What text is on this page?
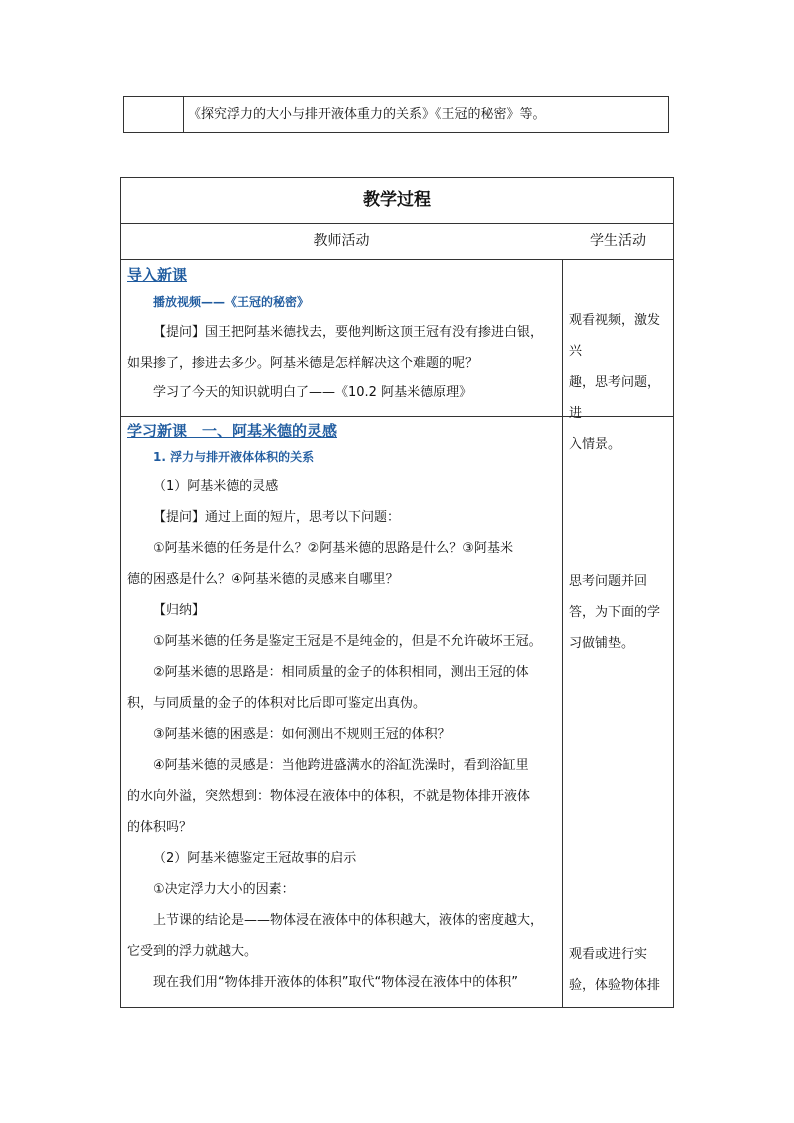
《探究浮力的大小与排开液体重力的关系》《王冠的秘密》等。
教学过程
教师活动	学生活动
导入新课
播放视频——《王冠的秘密》
【提问】国王把阿基米德找去，要他判断这顶王冠有没有掺进白银，
如果掺了，掺进去多少。阿基米德是怎样解决这个难题的呢？
学习了今天的知识就明白了——《10.2 阿基米德原理》
观看视频，激发兴
趣，思考问题，进
入情景。
学习新课　一、阿基米德的灵感
1. 浮力与排开液体体积的关系
（1）阿基米德的灵感
【提问】通过上面的短片，思考以下问题：
①阿基米德的任务是什么？②阿基米德的思路是什么？③阿基米
德的困惑是什么？④阿基米德的灵感来自哪里？
【归纳】
①阿基米德的任务是鉴定王冠是不是纯金的，但是不允许破坏王冠。
②阿基米德的思路是：相同质量的金子的体积相同，测出王冠的体
积，与同质量的金子的体积对比后即可鉴定出真伪。
③阿基米德的困惑是：如何测出不规则王冠的体积？
④阿基米德的灵感是：当他跨进盛满水的浴缸洗澡时，看到浴缸里
的水向外溢，突然想到：物体浸在液体中的体积，不就是物体排开液体
的体积吗？
（2）阿基米德鉴定王冠故事的启示
①决定浮力大小的因素：
上节课的结论是——物体浸在液体中的体积越大，液体的密度越大，
它受到的浮力就越大。
现在我们用“物体排开液体的体积”取代“物体浸在液体中的体积”
思考问题并回
答，为下面的学
习做铺垫。
观看或进行实
验，体验物体排
